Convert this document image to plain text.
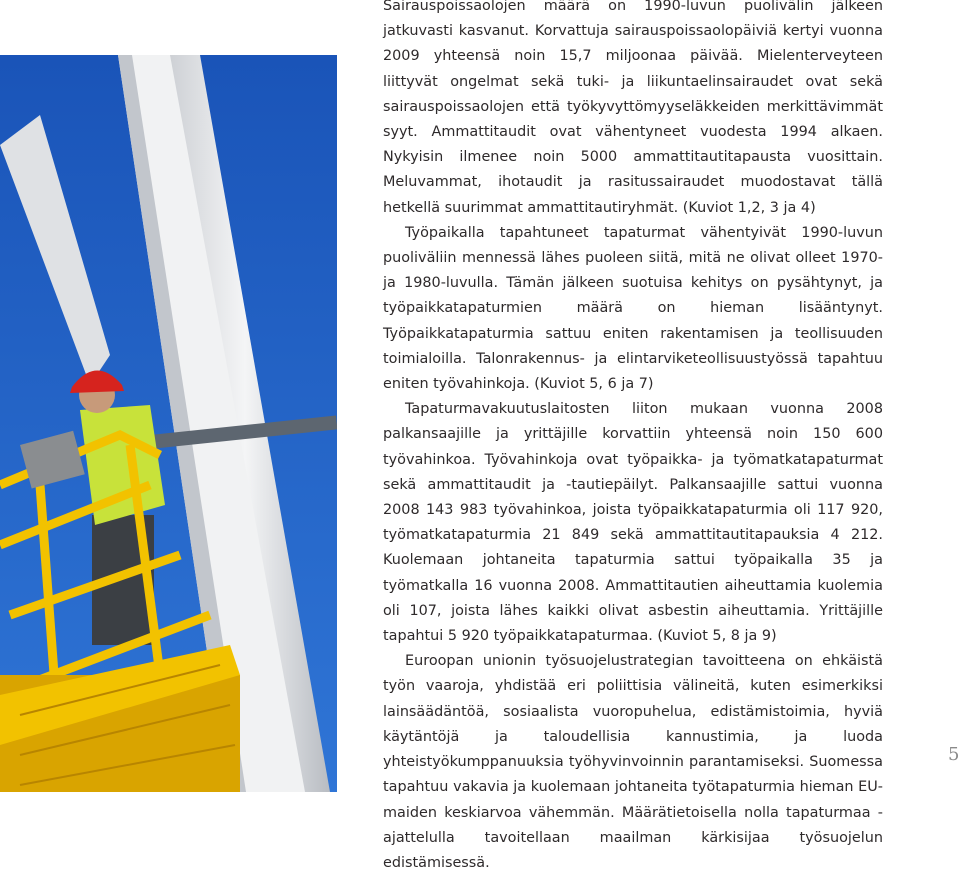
Sairauspoissaolojen määrä on 1990-luvun puolivälin jälkeen jatkuvasti kasvanut. Korvattuja sairauspoissaolopäiviä kertyi vuonna 2009 yhteensä noin 15,7 miljoonaa päivää. Mielenterveyteen liittyvät ongelmat sekä tuki- ja liikuntaelinsairaudet ovat sekä sairauspoissaolojen että työkyvyttömyyseläkkeiden merkittävimmät syyt. Ammattitaudit ovat vähentyneet vuodesta 1994 alkaen. Nykyisin ilmenee noin 5000 ammattitautitapausta vuosittain. Meluvammat, ihotaudit ja rasitussairaudet muodostavat tällä hetkellä suurimmat ammattitautiryhmät. (Kuviot 1,2, 3 ja 4)

Työpaikalla tapahtuneet tapaturmat vähentyivät 1990-luvun puoliväliin mennessä lähes puoleen siitä, mitä ne olivat olleet 1970- ja 1980-luvulla. Tämän jälkeen suotuisa kehitys on pysähtynyt, ja työpaikkatapaturmien määrä on hieman lisääntynyt. Työpaikkatapaturmia sattuu eniten rakentamisen ja teollisuuden toimialoilla. Talonrakennus- ja elintarviketeollisuustyössä tapahtuu eniten työvahinkoja. (Kuviot 5, 6 ja 7)

Tapaturmavakuutuslaitosten liiton mukaan vuonna 2008 palkansaajille ja yrittäjille korvattiin yhteensä noin 150 600 työvahinkoa. Työvahinkoja ovat työpaikka- ja työmatkatapaturmat sekä ammattitaudit ja -tautiepäilyt. Palkansaajille sattui vuonna 2008 143 983 työvahinkoa, joista työpaikkatapaturmia oli 117 920, työmatkatapaturmia 21 849 sekä ammattitautitapauksia 4 212. Kuolemaan johtaneita tapaturmia sattui työpaikalla 35 ja työmatkalla 16 vuonna 2008. Ammattitautien aiheuttamia kuolemia oli 107, joista lähes kaikki olivat asbestin aiheuttamia. Yrittäjille tapahtui 5 920 työpaikkatapaturmaa. (Kuviot 5, 8 ja 9)

Euroopan unionin työsuojelustrategian tavoitteena on ehkäistä työn vaaroja, yhdistää eri poliittisia välineitä, kuten esimerkiksi lainsäädäntöä, sosiaalista vuoropuhelua, edistämistoimia, hyviä käytäntöjä ja taloudellisia kannustimia, ja luoda yhteistyökumppanuuksia työhyvinvoinnin parantamiseksi. Suomessa tapahtuu vakavia ja kuolemaan johtaneita työtapaturmia hieman EU-maiden keskiarvoa vähemmän. Määrätietoisella nolla tapaturmaa -ajattelulla tavoitellaan maailman kärkisijaa työsuojelun edistämisessä.

5
